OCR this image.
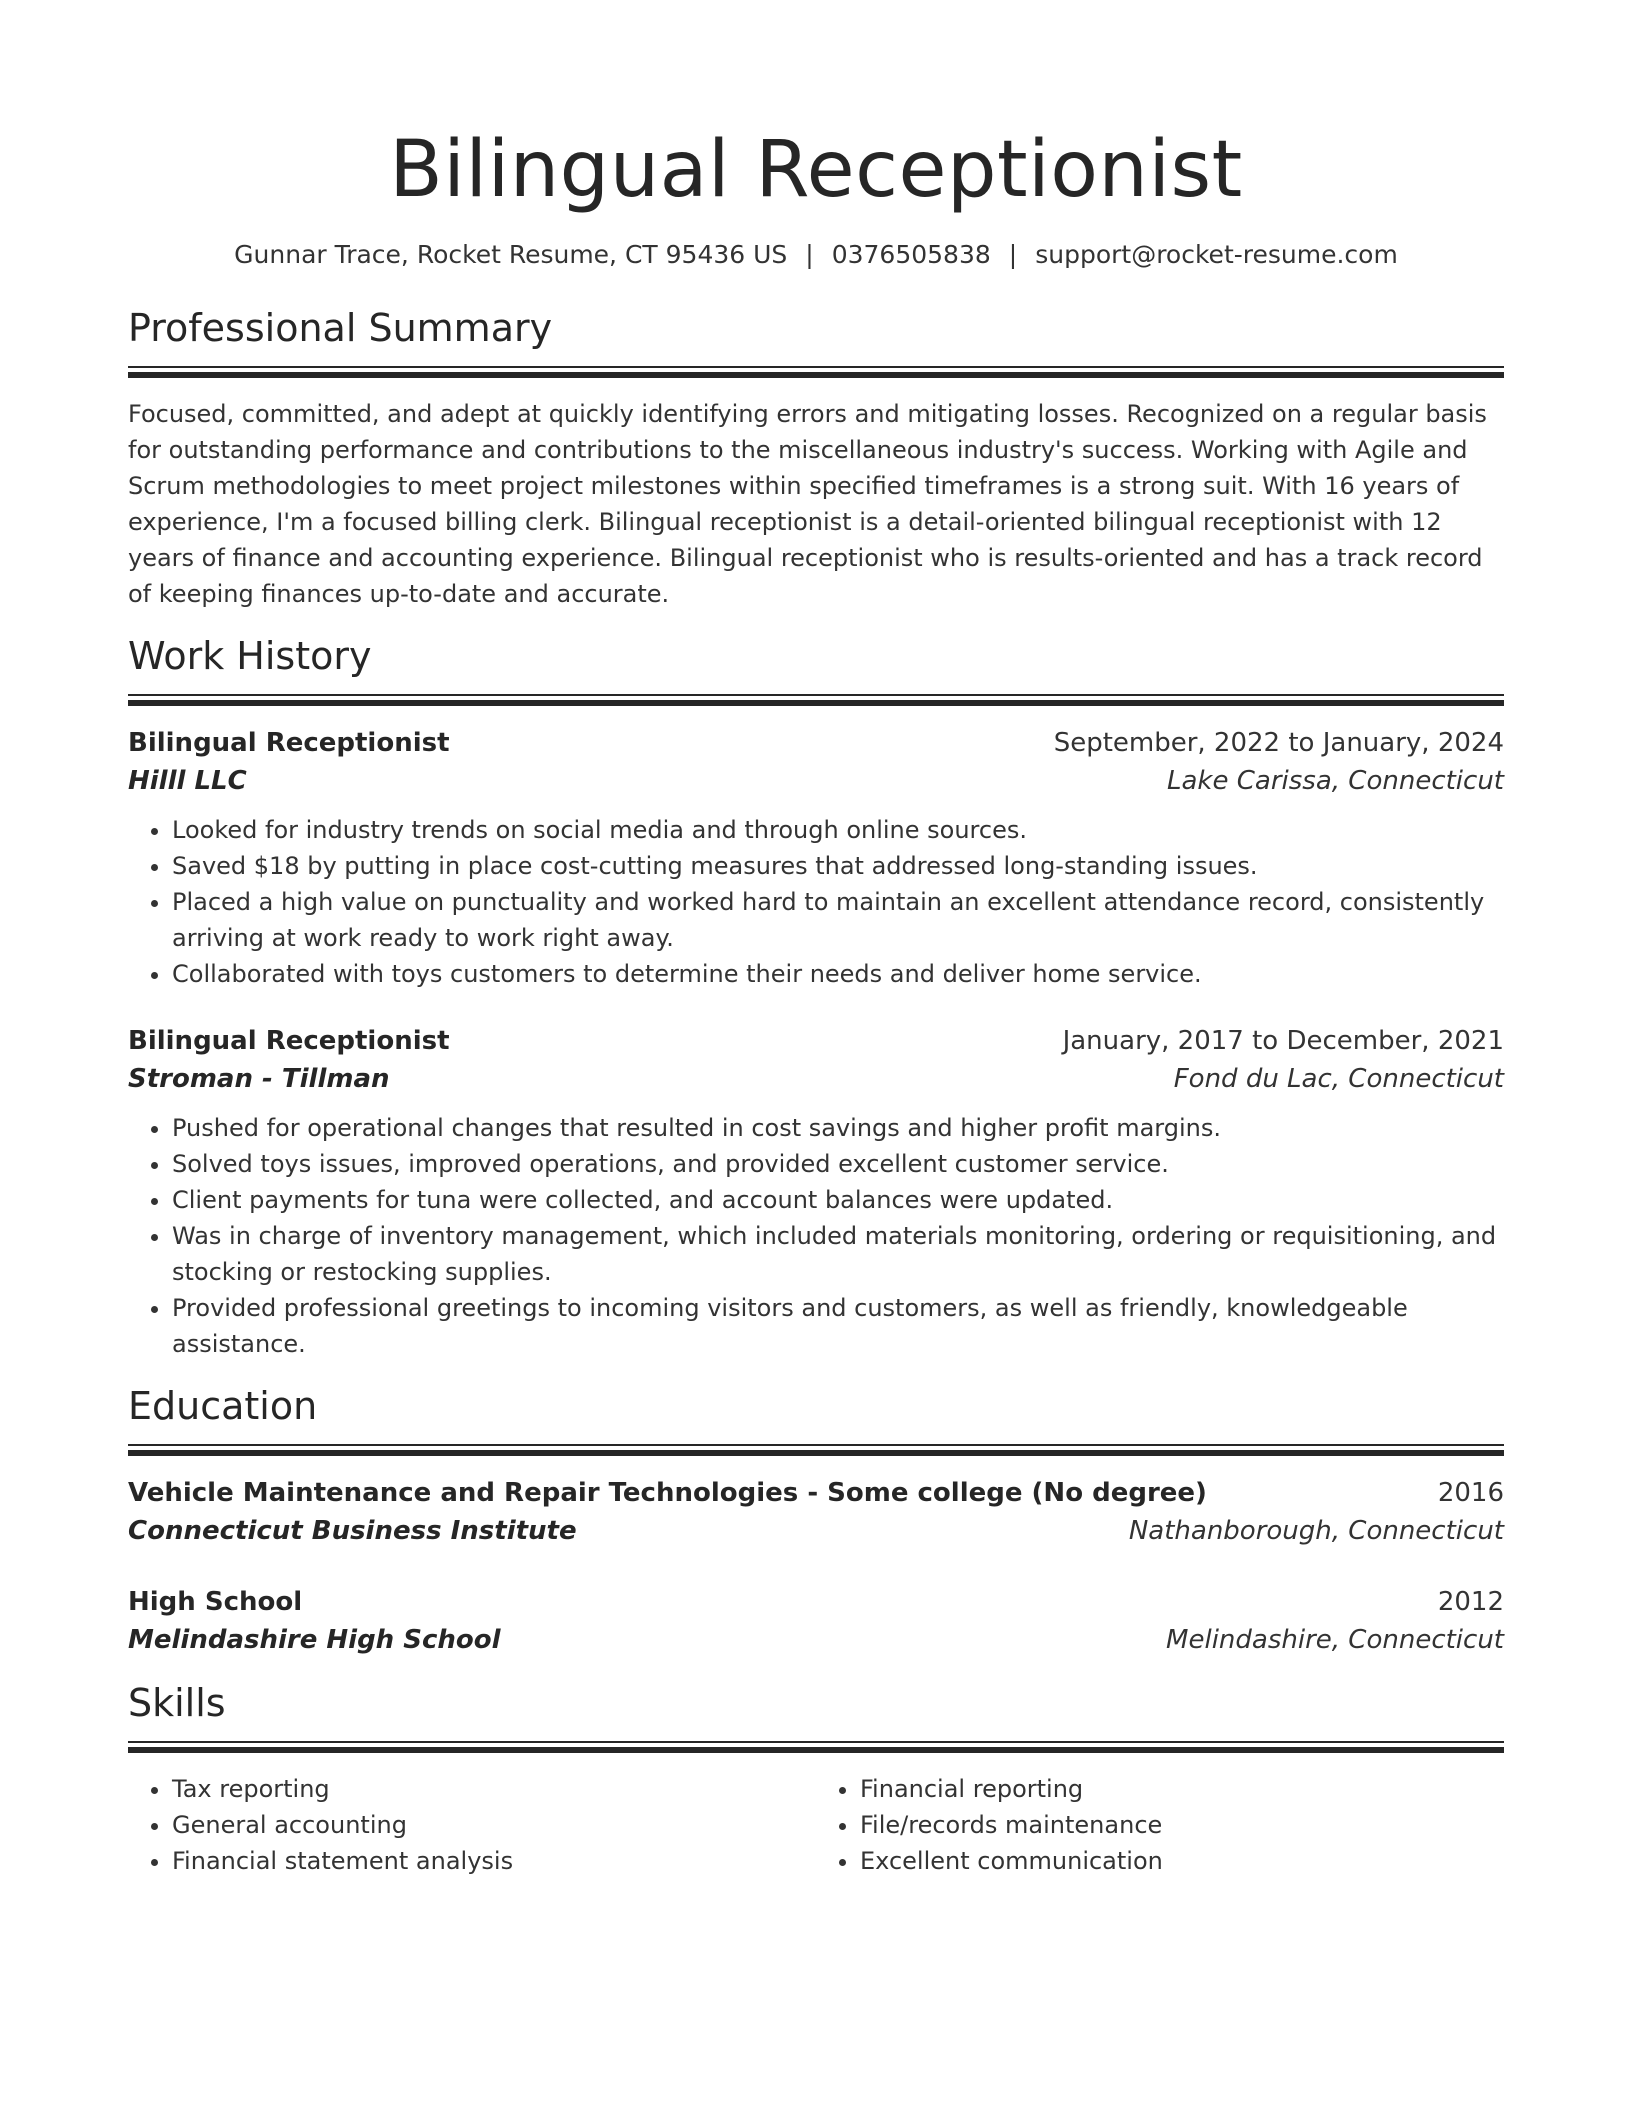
Bilingual Receptionist
Gunnar Trace, Rocket Resume, CT 95436 US | 0376505838 | support@rocket-resume.com
Professional Summary

Focused, committed, and adept at quickly identifying errors and mitigating losses. Recognized on a regular basis for outstanding performance and contributions to the miscellaneous industry's success. Working with Agile and Scrum methodologies to meet project milestones within specified timeframes is a strong suit. With 16 years of experience, I'm a focused billing clerk. Bilingual receptionist is a detail-oriented bilingual receptionist with 12 years of finance and accounting experience. Bilingual receptionist who is results-oriented and has a track record of keeping finances up-to-date and accurate.

Work History
Bilingual Receptionist	September, 2022 to January, 2024
Hilll LLC	Lake Carissa, Connecticut
• Looked for industry trends on social media and through online sources.
• Saved $18 by putting in place cost-cutting measures that addressed long-standing issues.
• Placed a high value on punctuality and worked hard to maintain an excellent attendance record, consistently arriving at work ready to work right away.
• Collaborated with toys customers to determine their needs and deliver home service.
Bilingual Receptionist	January, 2017 to December, 2021
Stroman - Tillman	Fond du Lac, Connecticut
• Pushed for operational changes that resulted in cost savings and higher profit margins.
• Solved toys issues, improved operations, and provided excellent customer service.
• Client payments for tuna were collected, and account balances were updated.
• Was in charge of inventory management, which included materials monitoring, ordering or requisitioning, and stocking or restocking supplies.
• Provided professional greetings to incoming visitors and customers, as well as friendly, knowledgeable assistance.
Education
Vehicle Maintenance and Repair Technologies - Some college (No degree)	2016
Connecticut Business Institute	Nathanborough, Connecticut
High School	2012
Melindashire High School	Melindashire, Connecticut
Skills
• Tax reporting
• General accounting
• Financial statement analysis
• Financial reporting
• File/records maintenance
• Excellent communication
